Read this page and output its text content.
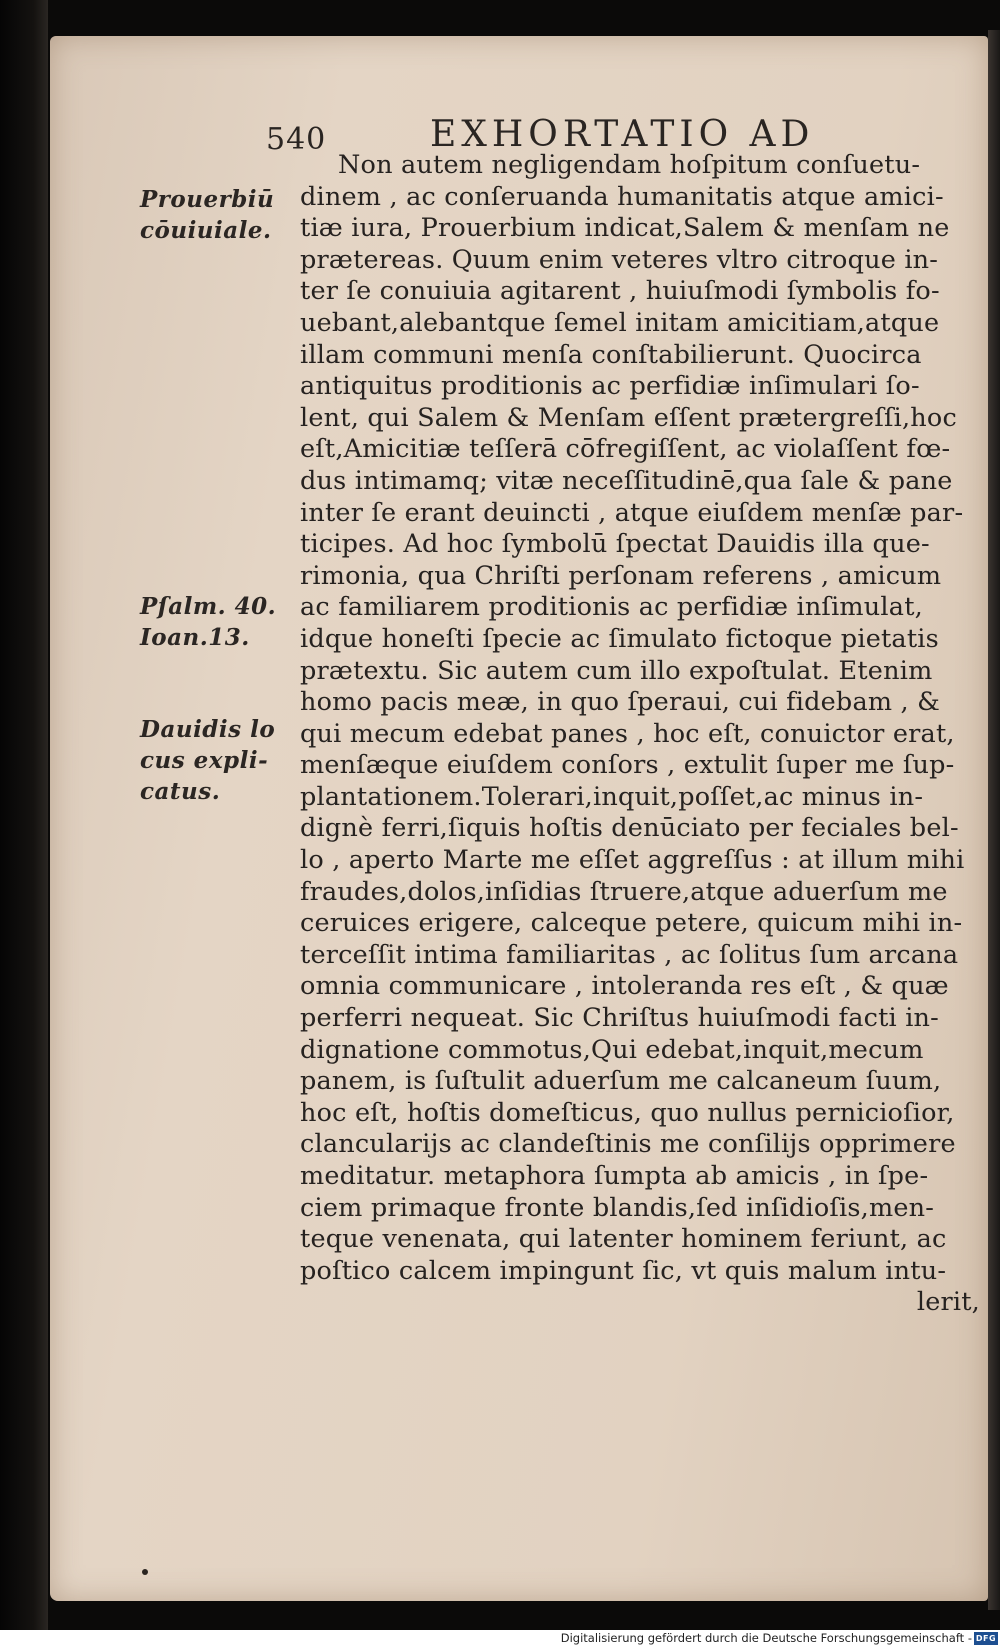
540	EXHORTATIO AD
Prouerbiū
cōuiuiale.
Pſalm. 40.
Ioan.13.
Dauidis lo
cus expli-
catus.
Non autem negligendam hoſpitum conſuetu-
dinem , ac conſeruanda humanitatis atque amici-
tiæ iura, Prouerbium indicat,Salem & menſam ne
prætereas. Quum enim veteres vltro citroque in-
ter ſe conuiuia agitarent , huiuſmodi ſymbolis fo-
uebant,alebantque ſemel initam amicitiam,atque
illam communi menſa conſtabilierunt. Quocirca
antiquitus proditionis ac perfidiæ inſimulari ſo-
lent, qui Salem & Menſam eſſent prætergreſſi,hoc
eſt,Amicitiæ teſſerā cōfregiſſent, ac violaſſent fœ-
dus intimamq; vitæ neceſſitudinē,qua ſale & pane
inter ſe erant deuincti , atque eiuſdem menſæ par-
ticipes. Ad hoc ſymbolū ſpectat Dauidis illa que-
rimonia, qua Chriſti perſonam referens , amicum
ac familiarem proditionis ac perfidiæ inſimulat,
idque honeſti ſpecie ac ſimulato fictoque pietatis
prætextu. Sic autem cum illo expoſtulat. Etenim
homo pacis meæ, in quo ſperaui, cui fidebam , &
qui mecum edebat panes , hoc eſt, conuictor erat,
menſæque eiuſdem conſors , extulit ſuper me ſup-
plantationem.Tolerari,inquit,poſſet,ac minus in-
dignè ferri,ſiquis hoſtis denūciato per feciales bel-
lo , aperto Marte me eſſet aggreſſus : at illum mihi
fraudes,dolos,inſidias ſtruere,atque aduerſum me
ceruices erigere, calceque petere, quicum mihi in-
tercеſſit intima familiaritas , ac ſolitus ſum arcana
omnia communicare , intoleranda res eſt , & quæ
perferri nequeat. Sic Chriſtus huiuſmodi facti in-
dignatione commotus,Qui edebat,inquit,mecum
panem, is ſuſtulit aduerſum me calcaneum ſuum,
hoc eſt, hoſtis domeſticus, quo nullus pernicioſior,
clancularijs ac clandeſtinis me conſilijs opprimere
meditatur. metaphora ſumpta ab amicis , in ſpe-
ciem primaque fronte blandis,ſed inſidioſis,men-
teque venenata, qui latenter hominem feriunt, ac
poſtico calcem impingunt ſic, vt quis malum intu-
lerit,
Digitalisierung gefördert durch die Deutsche Forschungsgemeinschaft - DFG
